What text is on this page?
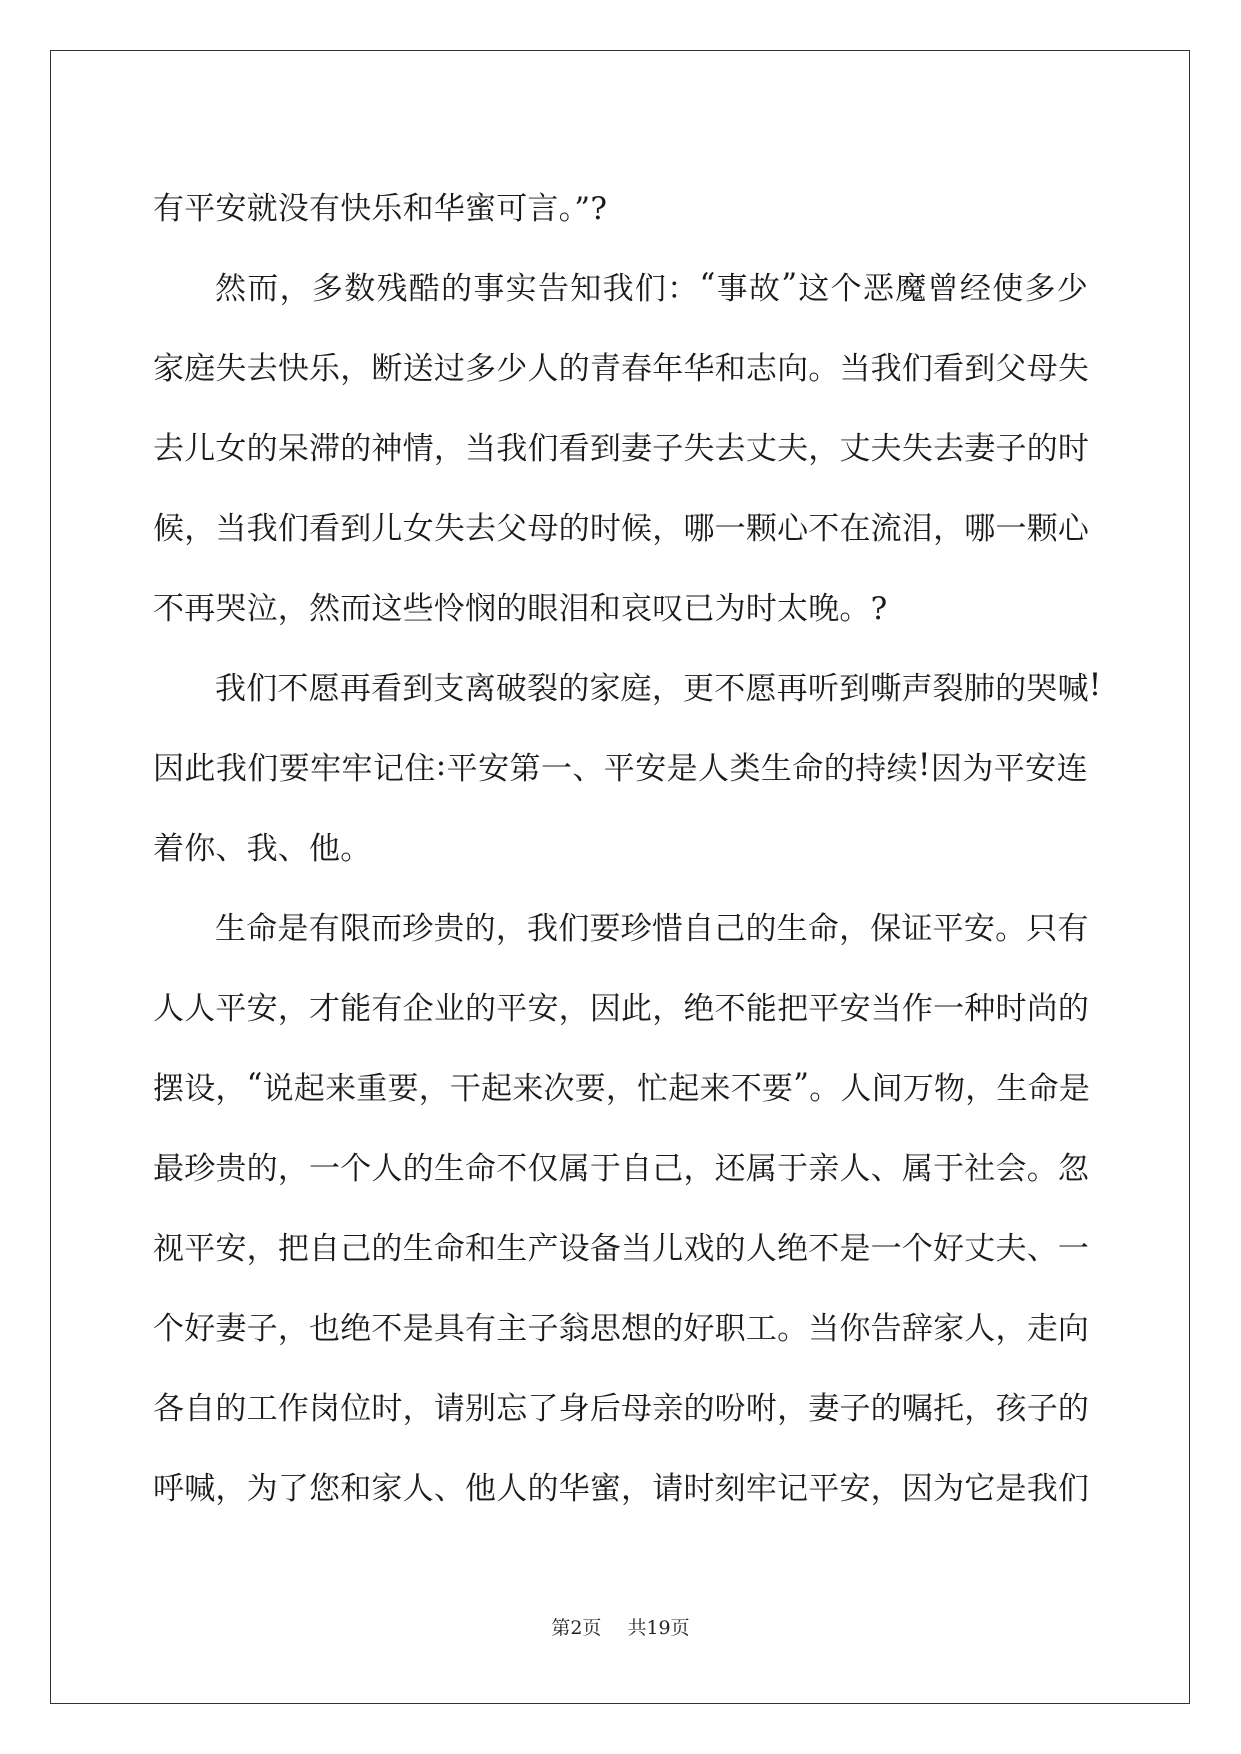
有平安就没有快乐和华蜜可言。”?
然 而 ， 多 数 残 酷 的 事 实 告 知 我 们 ： “ 事 故 ” 这 个 恶 魔 曾 经 使 多 少
家 庭 失 去 快 乐 ， 断 送 过 多 少 人 的 青 春 年 华 和 志 向 。 当 我 们 看 到 父 母 失
去 儿 女 的 呆 滞 的 神 情 ， 当 我 们 看 到 妻 子 失 去 丈 夫 ， 丈 夫 失 去 妻 子 的 时
候 ， 当 我 们 看 到 儿 女 失 去 父 母 的 时 候 ， 哪 一 颗 心 不 在 流 泪 ， 哪 一 颗 心
不再哭泣，然而这些怜悯的眼泪和哀叹已为时太晚。?
我 们 不 愿 再 看 到 支 离 破 裂 的 家 庭 ， 更 不 愿 再 听 到 嘶 声 裂 肺 的 哭 喊 !
因 此 我 们 要 牢 牢 记 住 : 平 安 第 一 、 平 安 是 人 类 生 命 的 持 续 ! 因 为 平 安 连
着你、我、他。
生 命 是 有 限 而 珍 贵 的 ， 我 们 要 珍 惜 自 己 的 生 命 ， 保 证 平 安 。 只 有
人 人 平 安 ， 才 能 有 企 业 的 平 安 ， 因 此 ， 绝 不 能 把 平 安 当 作 一 种 时 尚 的
摆 设 ， “ 说 起 来 重 要 ， 干 起 来 次 要 ， 忙 起 来 不 要 ” 。 人 间 万 物 ， 生 命 是
最 珍 贵 的 ， 一 个 人 的 生 命 不 仅 属 于 自 己 ， 还 属 于 亲 人 、 属 于 社 会 。 忽
视 平 安 ， 把 自 己 的 生 命 和 生 产 设 备 当 儿 戏 的 人 绝 不 是 一 个 好 丈 夫 、 一
个 好 妻 子 ， 也 绝 不 是 具 有 主 子 翁 思 想 的 好 职 工 。 当 你 告 辞 家 人 ， 走 向
各 自 的 工 作 岗 位 时 ， 请 别 忘 了 身 后 母 亲 的 吩 咐 ， 妻 子 的 嘱 托 ， 孩 子 的
呼 喊 ， 为 了 您 和 家 人 、 他 人 的 华 蜜 ， 请 时 刻 牢 记 平 安 ， 因 为 它 是 我 们
第2页 共19页
